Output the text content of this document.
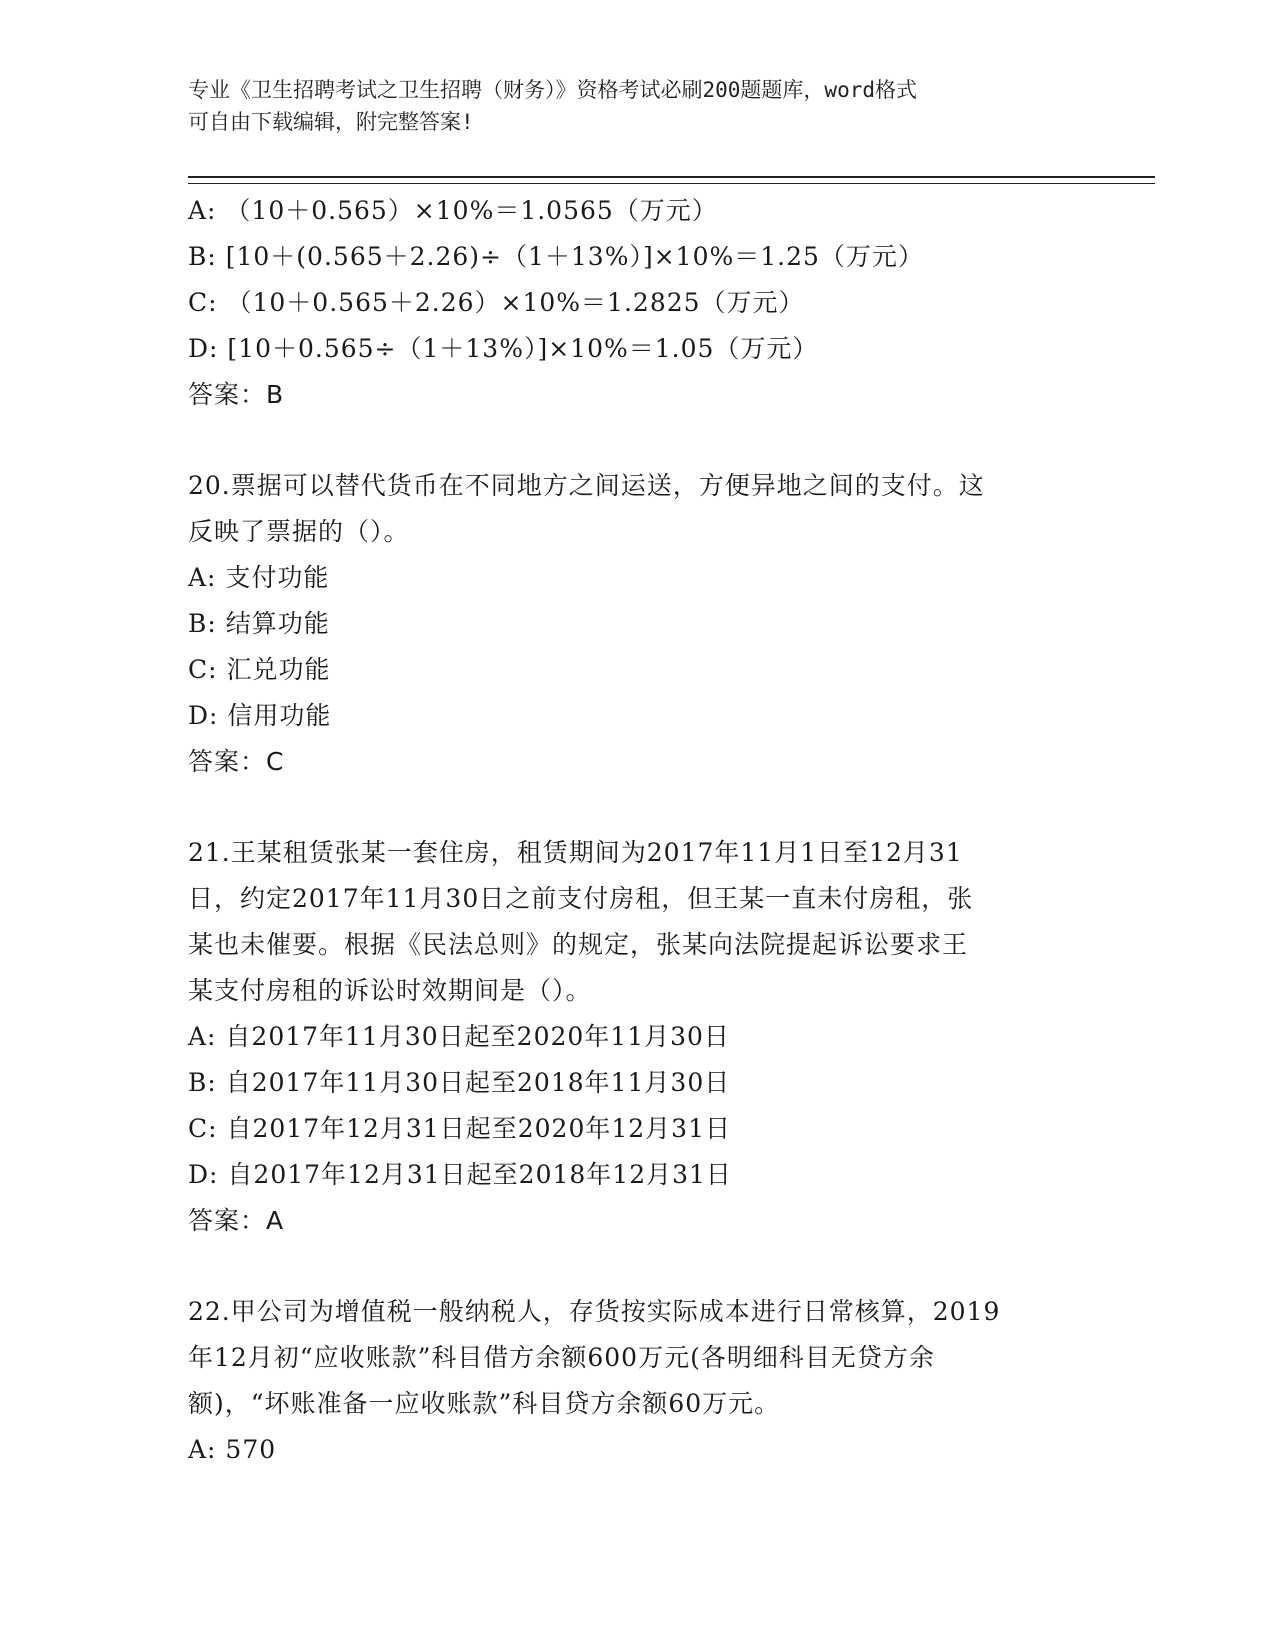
专业《卫生招聘考试之卫生招聘（财务）》资格考试必刷200题题库，word格式
可自由下载编辑，附完整答案!
A: （10＋0.565）×10%＝1.0565（万元）
B: [10＋(0.565＋2.26)÷（1＋13%）]×10%＝1.25（万元）
C: （10＋0.565＋2.26）×10%＝1.2825（万元）
D: [10＋0.565÷（1＋13%）]×10%＝1.05（万元）
答案：B
20.票据可以替代货币在不同地方之间运送，方便异地之间的支付。这
反映了票据的（）。
A: 支付功能
B: 结算功能
C: 汇兑功能
D: 信用功能
答案：C
21.王某租赁张某一套住房，租赁期间为2017年11月1日至12月31
日，约定2017年11月30日之前支付房租，但王某一直未付房租，张
某也未催要。根据《民法总则》的规定，张某向法院提起诉讼要求王
某支付房租的诉讼时效期间是（）。
A: 自2017年11月30日起至2020年11月30日
B: 自2017年11月30日起至2018年11月30日
C: 自2017年12月31日起至2020年12月31日
D: 自2017年12月31日起至2018年12月31日
答案：A
22.甲公司为增值税一般纳税人，存货按实际成本进行日常核算，2019
年12月初“应收账款”科目借方余额600万元(各明细科目无贷方余
额)，“坏账准备一应收账款”科目贷方余额60万元。
A: 570
